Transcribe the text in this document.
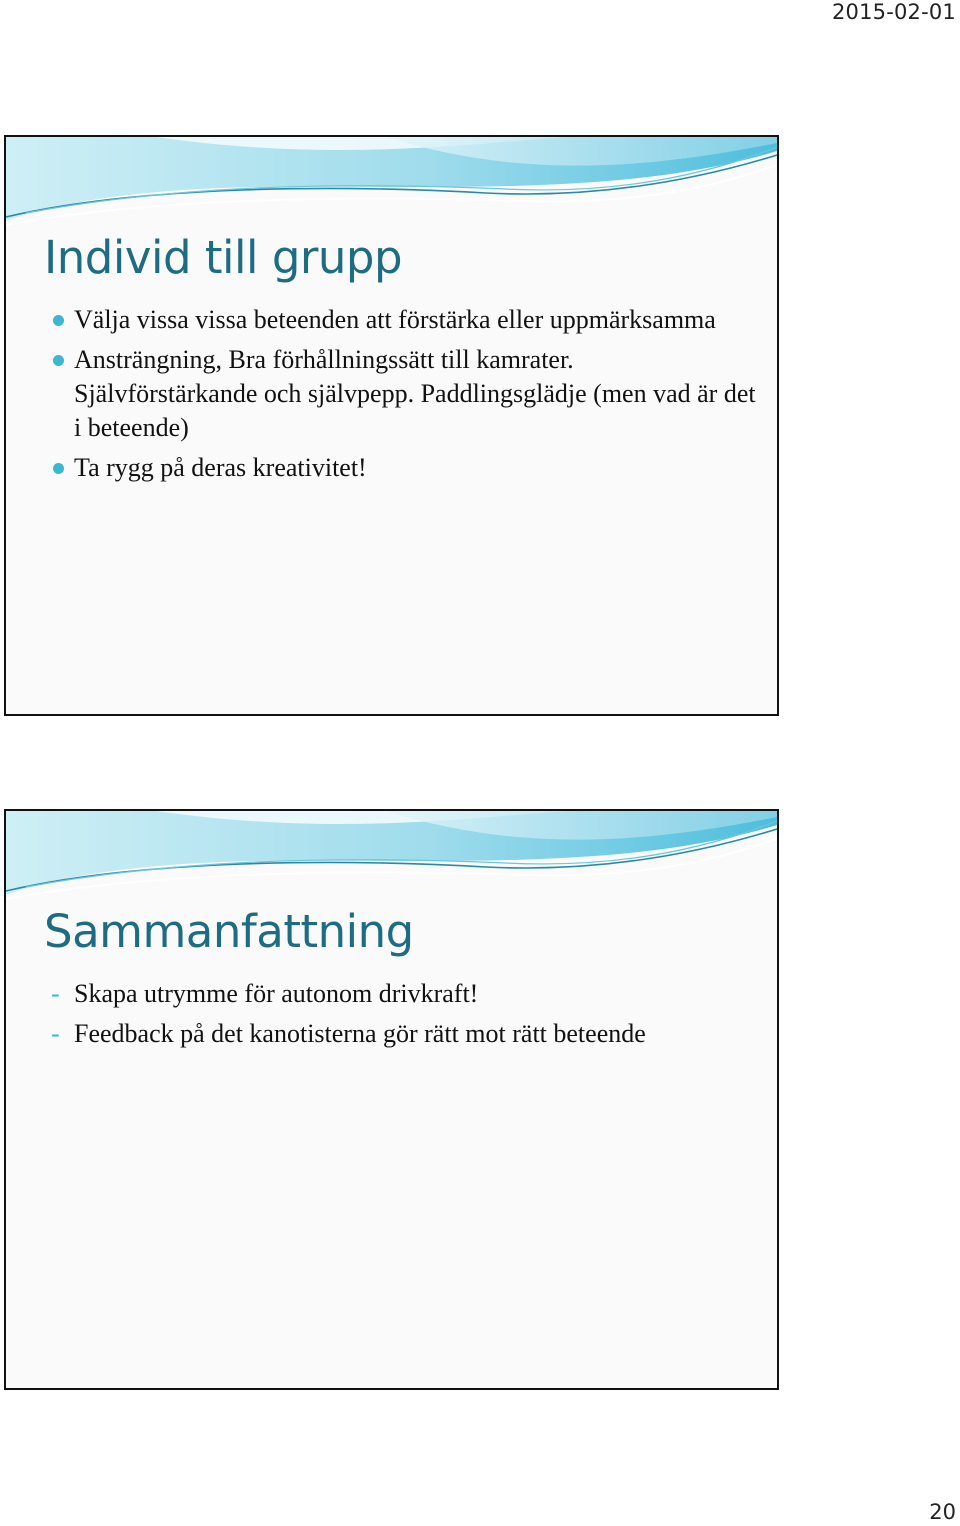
2015-02-01
Individ till grupp
Välja vissa vissa beteenden att förstärka eller uppmärksamma
Ansträngning, Bra förhållningssätt till kamrater. Självförstärkande och självpepp. Paddlingsglädje (men vad är det i beteende)
Ta rygg på deras kreativitet!
Sammanfattning
- Skapa utrymme för autonom drivkraft!
- Feedback på det kanotisterna gör rätt mot rätt beteende
20
